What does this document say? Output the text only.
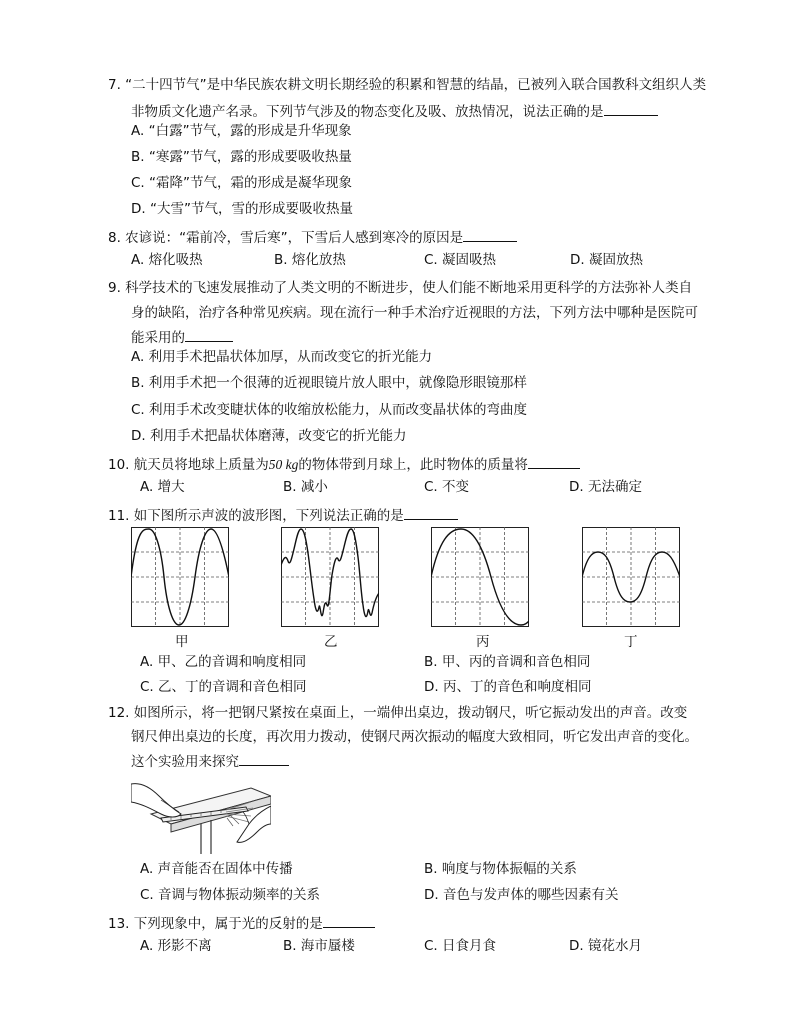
7. “二十四节气”是中华民族农耕文明长期经验的积累和智慧的结晶，已被列入联合国教科文组织人类
非物质文化遗产名录。下列节气涉及的物态变化及吸、放热情况，说法正确的是
A. “白露”节气，露的形成是升华现象
B. “寒露”节气，露的形成要吸收热量
C. “霜降”节气，霜的形成是凝华现象
D. “大雪”节气，雪的形成要吸收热量
8. 农谚说：“霜前冷，雪后寒”，下雪后人感到寒冷的原因是
A. 熔化吸热	B. 熔化放热	C. 凝固吸热	D. 凝固放热
9. 科学技术的飞速发展推动了人类文明的不断进步，使人们能不断地采用更科学的方法弥补人类自
身的缺陷，治疗各种常见疾病。现在流行一种手术治疗近视眼的方法，下列方法中哪种是医院可
能采用的
A. 利用手术把晶状体加厚，从而改变它的折光能力
B. 利用手术把一个很薄的近视眼镜片放人眼中，就像隐形眼镜那样
C. 利用手术改变睫状体的收缩放松能力，从而改变晶状体的弯曲度
D. 利用手术把晶状体磨薄，改变它的折光能力
10. 航天员将地球上质量为50 kg的物体带到月球上，此时物体的质量将
A. 增大	B. 减小	C. 不变	D. 无法确定
11. 如下图所示声波的波形图，下列说法正确的是
甲	乙	丙	丁
A. 甲、乙的音调和响度相同	B. 甲、丙的音调和音色相同
C. 乙、丁的音调和音色相同	D. 丙、丁的音色和响度相同
12. 如图所示，将一把钢尺紧按在桌面上，一端伸出桌边，拨动钢尺，听它振动发出的声音。改变
钢尺伸出桌边的长度，再次用力拨动，使钢尺两次振动的幅度大致相同，听它发出声音的变化。
这个实验用来探究
A. 声音能否在固体中传播	B. 响度与物体振幅的关系
C. 音调与物体振动频率的关系	D. 音色与发声体的哪些因素有关
13. 下列现象中，属于光的反射的是
A. 形影不离	B. 海市蜃楼	C. 日食月食	D. 镜花水月
